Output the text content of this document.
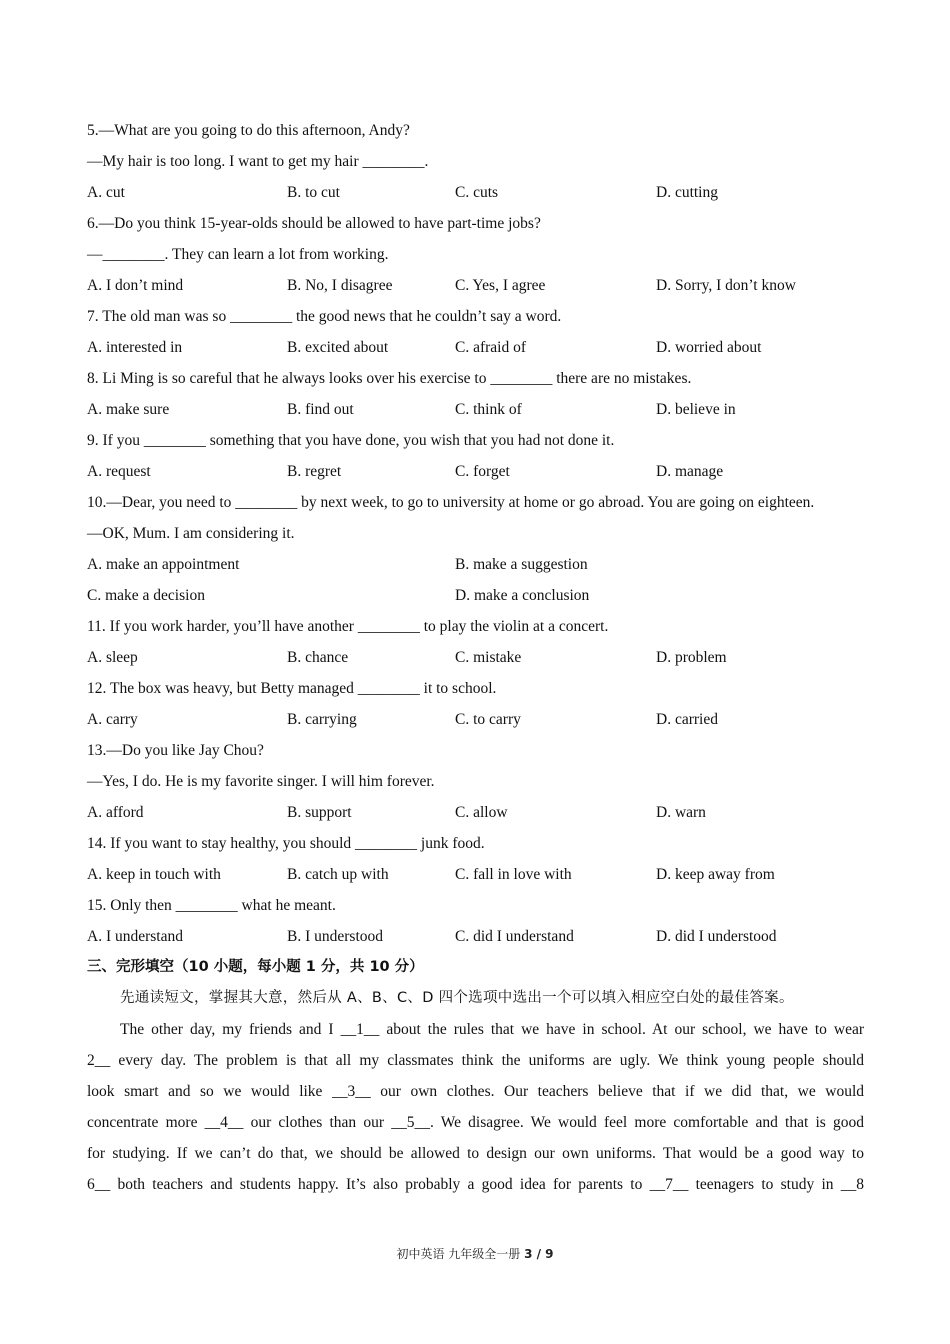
5.—What are you going to do this afternoon, Andy?
—My hair is too long. I want to get my hair ________.
A. cut	B. to cut	C. cuts	D. cutting
6.—Do you think 15-year-olds should be allowed to have part-time jobs?
—________. They can learn a lot from working.
A. I don’t mind	B. No, I disagree	C. Yes, I agree	D. Sorry, I don’t know
7. The old man was so ________ the good news that he couldn’t say a word.
A. interested in	B. excited about	C. afraid of	D. worried about
8. Li Ming is so careful that he always looks over his exercise to ________ there are no mistakes.
A. make sure	B. find out	C. think of	D. believe in
9. If you ________ something that you have done, you wish that you had not done it.
A. request	B. regret	C. forget	D. manage
10.—Dear, you need to ________ by next week, to go to university at home or go abroad. You are going on eighteen.
—OK, Mum. I am considering it.
A. make an appointment	B. make a suggestion
C. make a decision	D. make a conclusion
11. If you work harder, you’ll have another ________ to play the violin at a concert.
A. sleep	B. chance	C. mistake	D. problem
12. The box was heavy, but Betty managed ________ it to school.
A. carry	B. carrying	C. to carry	D. carried
13.—Do you like Jay Chou?
—Yes, I do. He is my favorite singer. I will him forever.
A. afford	B. support	C. allow	D. warn
14. If you want to stay healthy, you should ________ junk food.
A. keep in touch with	B. catch up with	C. fall in love with	D. keep away from
15. Only then ________ what he meant.
A. I understand	B. I understood	C. did I understand	D. did I understood
三、完形填空（10 小题，每小题 1 分，共 10 分）
先通读短文，掌握其大意，然后从 A、B、C、D 四个选项中选出一个可以填入相应空白处的最佳答案。
The other day, my friends and I __1__ about the rules that we have in school. At our school, we have to wear
2__ every day. The problem is that all my classmates think the uniforms are ugly. We think young people should
look smart and so we would like __3__ our own clothes. Our teachers believe that if we did that, we would
concentrate more __4__ our clothes than our __5__. We disagree. We would feel more comfortable and that is good
for studying. If we can’t do that, we should be allowed to design our own uniforms. That would be a good way to
6__ both teachers and students happy. It’s also probably a good idea for parents to __7__ teenagers to study in __8
初中英语 九年级全一册 3 / 9
